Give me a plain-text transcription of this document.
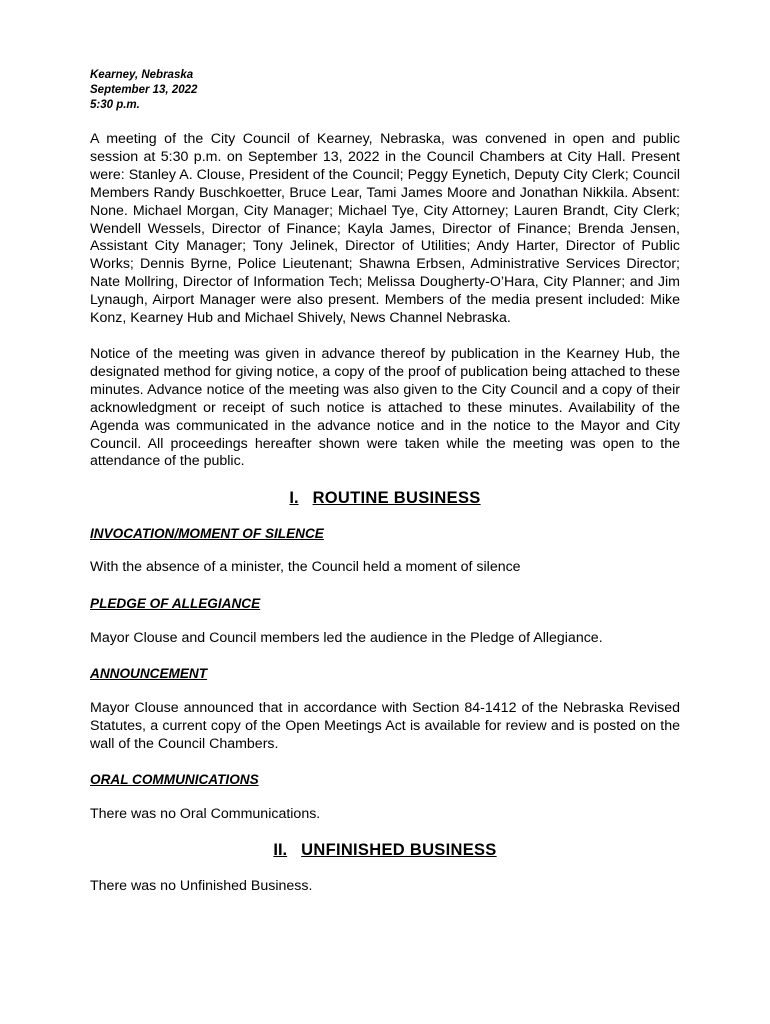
Kearney, Nebraska

September 13, 2022

5:30 p.m.

A meeting of the City Council of Kearney, Nebraska, was convened in open and public session at 5:30 p.m. on September 13, 2022 in the Council Chambers at City Hall. Present were: Stanley A. Clouse, President of the Council; Peggy Eynetich, Deputy City Clerk; Council Members Randy Buschkoetter, Bruce Lear, Tami James Moore and Jonathan Nikkila. Absent: None. Michael Morgan, City Manager; Michael Tye, City Attorney; Lauren Brandt, City Clerk; Wendell Wessels, Director of Finance; Kayla James, Director of Finance; Brenda Jensen, Assistant City Manager; Tony Jelinek, Director of Utilities; Andy Harter, Director of Public Works; Dennis Byrne, Police Lieutenant; Shawna Erbsen, Administrative Services Director; Nate Mollring, Director of Information Tech; Melissa Dougherty-O’Hara, City Planner; and Jim Lynaugh, Airport Manager were also present. Members of the media present included: Mike Konz, Kearney Hub and Michael Shively, News Channel Nebraska.

Notice of the meeting was given in advance thereof by publication in the Kearney Hub, the designated method for giving notice, a copy of the proof of publication being attached to these minutes. Advance notice of the meeting was also given to the City Council and a copy of their acknowledgment or receipt of such notice is attached to these minutes. Availability of the Agenda was communicated in the advance notice and in the notice to the Mayor and City Council. All proceedings hereafter shown were taken while the meeting was open to the attendance of the public.

I. ROUTINE BUSINESS

INVOCATION/MOMENT OF SILENCE

With the absence of a minister, the Council held a moment of silence

PLEDGE OF ALLEGIANCE

Mayor Clouse and Council members led the audience in the Pledge of Allegiance.

ANNOUNCEMENT

Mayor Clouse announced that in accordance with Section 84-1412 of the Nebraska Revised Statutes, a current copy of the Open Meetings Act is available for review and is posted on the wall of the Council Chambers.

ORAL COMMUNICATIONS

There was no Oral Communications.

II. UNFINISHED BUSINESS

There was no Unfinished Business.
